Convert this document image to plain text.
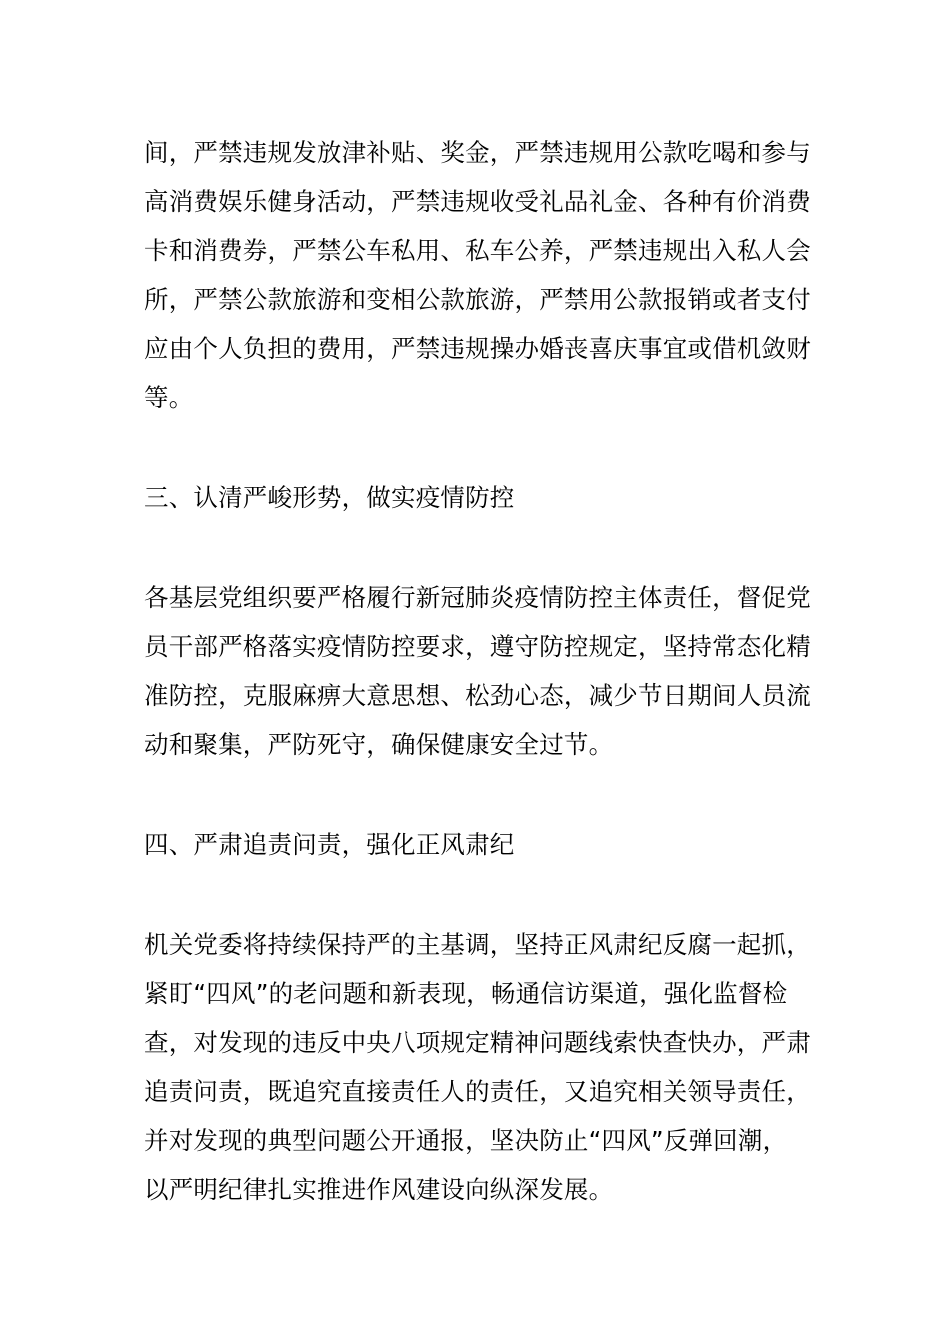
间，严禁违规发放津补贴、奖金，严禁违规用公款吃喝和参与
高消费娱乐健身活动，严禁违规收受礼品礼金、各种有价消费
卡和消费券，严禁公车私用、私车公养，严禁违规出入私人会
所，严禁公款旅游和变相公款旅游，严禁用公款报销或者支付
应由个人负担的费用，严禁违规操办婚丧喜庆事宜或借机敛财
等。
三、认清严峻形势，做实疫情防控
各基层党组织要严格履行新冠肺炎疫情防控主体责任，督促党
员干部严格落实疫情防控要求，遵守防控规定，坚持常态化精
准防控，克服麻痹大意思想、松劲心态，减少节日期间人员流
动和聚集，严防死守，确保健康安全过节。
四、严肃追责问责，强化正风肃纪
机关党委将持续保持严的主基调，坚持正风肃纪反腐一起抓，
紧盯“四风”的老问题和新表现，畅通信访渠道，强化监督检
查，对发现的违反中央八项规定精神问题线索快查快办，严肃
追责问责，既追究直接责任人的责任，又追究相关领导责任，
并对发现的典型问题公开通报，坚决防止“四风”反弹回潮，
以严明纪律扎实推进作风建设向纵深发展。
